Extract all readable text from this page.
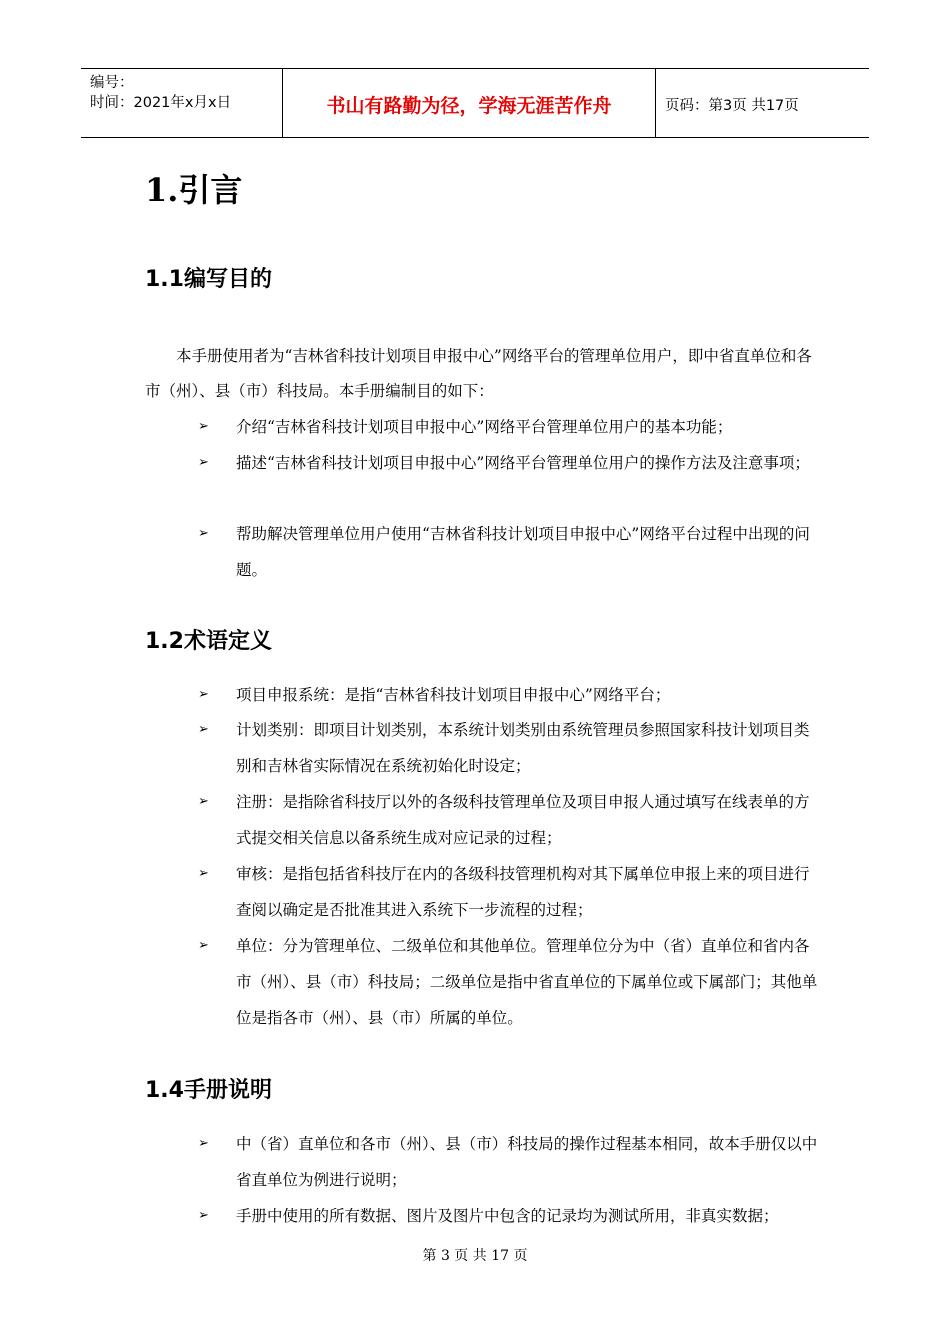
编号：
时间：2021年x月x日	书山有路勤为径，学海无涯苦作舟	页码：第3页 共17页
1.引言
1.1编写目的

本手册使用者为“吉林省科技计划项目申报中心”网络平台的管理单位用户，即中省直单位和各市（州）、县（市）科技局。本手册编制目的如下：

➢ 介绍“吉林省科技计划项目申报中心”网络平台管理单位用户的基本功能；
➢ 描述“吉林省科技计划项目申报中心”网络平台管理单位用户的操作方法及注意事项；
➢ 帮助解决管理单位用户使用“吉林省科技计划项目申报中心”网络平台过程中出现的问题。
1.2术语定义
➢ 项目申报系统：是指“吉林省科技计划项目申报中心”网络平台；
➢ 计划类别：即项目计划类别，本系统计划类别由系统管理员参照国家科技计划项目类别和吉林省实际情况在系统初始化时设定；
➢ 注册：是指除省科技厅以外的各级科技管理单位及项目申报人通过填写在线表单的方式提交相关信息以备系统生成对应记录的过程；
➢ 审核：是指包括省科技厅在内的各级科技管理机构对其下属单位申报上来的项目进行查阅以确定是否批准其进入系统下一步流程的过程；
➢ 单位：分为管理单位、二级单位和其他单位。管理单位分为中（省）直单位和省内各市（州）、县（市）科技局；二级单位是指中省直单位的下属单位或下属部门；其他单位是指各市（州）、县（市）所属的单位。
1.4手册说明
➢ 中（省）直单位和各市（州）、县（市）科技局的操作过程基本相同，故本手册仅以中省直单位为例进行说明；
➢ 手册中使用的所有数据、图片及图片中包含的记录均为测试所用，非真实数据；
第 3 页 共 17 页
